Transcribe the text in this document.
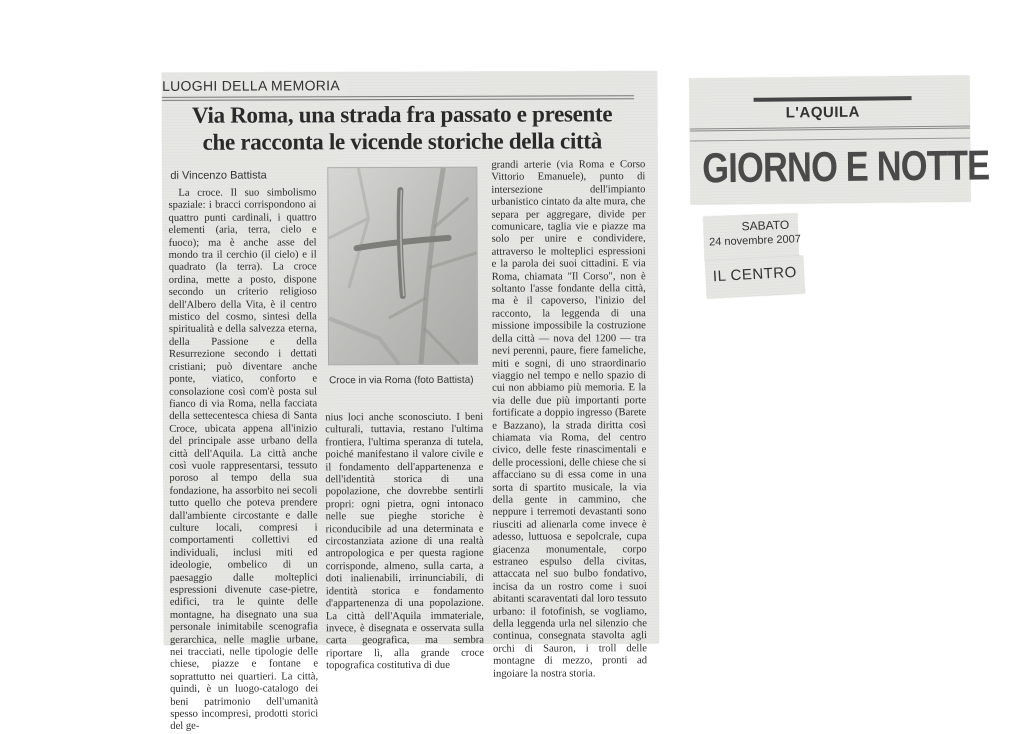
LUOGHI DELLA MEMORIA
Via Roma, una strada fra passato e presente
che racconta le vicende storiche della città
di Vincenzo Battista
La croce. Il suo simbolismo spaziale: i bracci corrispondono ai quattro punti cardinali, i quattro elementi (aria, terra, cielo e fuoco); ma è anche asse del mondo tra il cerchio (il cielo) e il quadrato (la terra). La croce ordina, mette a posto, dispone secondo un criterio religioso dell'Albero della Vita, è il centro mistico del cosmo, sintesi della spiritualità e della salvezza eterna, della Passione e della Resurrezione secondo i dettati cristiani; può diventare anche ponte, viatico, conforto e consolazione così com'è posta sul fianco di via Roma, nella facciata della settecentesca chiesa di Santa Croce, ubicata appena all'inizio del principale asse urbano della città dell'Aquila. La città anche così vuole rappresentarsi, tessuto poroso al tempo della sua fondazione, ha assorbito nei secoli tutto quello che poteva prendere dall'ambiente circostante e dalle culture locali, compresi i comportamenti collettivi ed individuali, inclusi miti ed ideologie, ombelico di un paesaggio dalle molteplici espressioni divenute case-pietre, edifici, tra le quinte delle montagne, ha disegnato una sua personale inimitabile scenografia gerarchica, nelle maglie urbane, nei tracciati, nelle tipologie delle chiese, piazze e fontane e soprattutto nei quartieri. La città, quindi, è un luogo-catalogo dei beni patrimonio dell'umanità spesso incompresi, prodotti storici del ge-
Croce in via Roma (foto Battista)
nius loci anche sconosciuto. I beni culturali, tuttavia, restano l'ultima frontiera, l'ultima speranza di tutela, poiché manifestano il valore civile e il fondamento dell'appartenenza e dell'identità storica di una popolazione, che dovrebbe sentirli propri: ogni pietra, ogni intonaco nelle sue pieghe storiche è riconducibile ad una determinata e circostanziata azione di una realtà antropologica e per questa ragione corrisponde, almeno, sulla carta, a doti inalienabili, irrinunciabili, di identità storica e fondamento d'appartenenza di una popolazione. La città dell'Aquila immateriale, invece, è disegnata e osservata sulla carta geografica, ma sembra riportare lì, alla grande croce topografica costitutiva di due
grandi arterie (via Roma e Corso Vittorio Emanuele), punto di intersezione dell'impianto urbanistico cintato da alte mura, che separa per aggregare, divide per comunicare, taglia vie e piazze ma solo per unire e condividere, attraverso le molteplici espressioni e la parola dei suoi cittadini. E via Roma, chiamata "Il Corso", non è soltanto l'asse fondante della città, ma è il capoverso, l'inizio del racconto, la leggenda di una missione impossibile la costruzione della città — nova del 1200 — tra nevi perenni, paure, fiere fameliche, miti e sogni, di uno straordinario viaggio nel tempo e nello spazio di cui non abbiamo più memoria. E la via delle due più importanti porte fortificate a doppio ingresso (Barete e Bazzano), la strada diritta così chiamata via Roma, del centro civico, delle feste rinascimentali e delle processioni, delle chiese che si affacciano su di essa come in una sorta di spartito musicale, la via della gente in cammino, che neppure i terremoti devastanti sono riusciti ad alienarla come invece è adesso, luttuosa e sepolcrale, cupa giacenza monumentale, corpo estraneo espulso della civitas, attaccata nel suo bulbo fondativo, incisa da un rostro come i suoi abitanti scaraventati dal loro tessuto urbano: il fotofinish, se vogliamo, della leggenda urla nel silenzio che continua, consegnata stavolta agli orchi di Sauron, i troll delle montagne di mezzo, pronti ad ingoiare la nostra storia.
L'AQUILA
GIORNO E NOTTE
SABATO
24 novembre 2007
IL CENTRO
